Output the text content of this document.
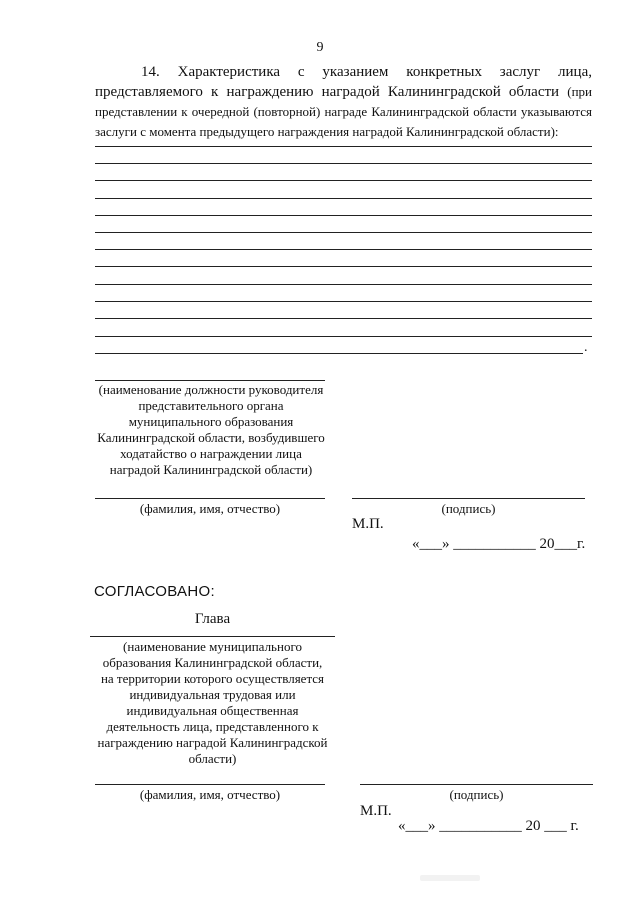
9
14. Характеристика с указанием конкретных заслуг лица,
представляемого к награждению наградой Калининградской области (при
представлении к очередной (повторной) награде Калининградской области указываются
заслуги с момента предыдущего награждения наградой Калининградской области):
.
(наименование должности руководителя
представительного органа
муниципального образования
Калининградской области, возбудившего
ходатайство о награждении лица
наградой Калининградской области)
(фамилия, имя, отчество)	(подпись)
М.П.
«___» ___________ 20___г.
СОГЛАСОВАНО:
Глава
(наименование муниципального
образования Калининградской области,
на территории которого осуществляется
индивидуальная трудовая или
индивидуальная общественная
деятельность лица, представленного к
награждению наградой Калининградской
области)
(фамилия, имя, отчество)	(подпись)
М.П.
«___» ___________ 20 ___ г.
